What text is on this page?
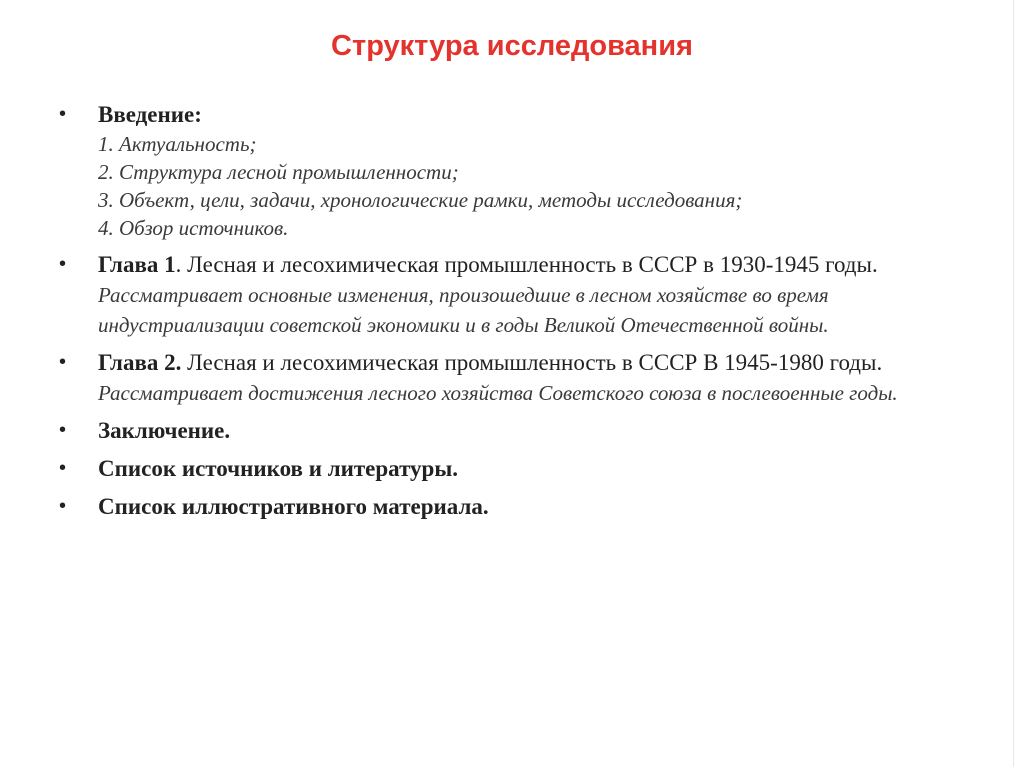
Структура исследования
• Введение:
1. Актуальность;
2. Структура лесной промышленности;
3. Объект, цели, задачи, хронологические рамки, методы исследования;
4. Обзор источников.
• Глава 1. Лесная и лесохимическая промышленность в СССР в 1930-1945 годы. Рассматривает основные изменения, произошедшие в лесном хозяйстве во время индустриализации советской экономики и в годы Великой Отечественной войны.
• Глава 2. Лесная и лесохимическая промышленность в СССР В 1945-1980 годы. Рассматривает достижения лесного хозяйства Советского союза в послевоенные годы.
• Заключение.
• Список источников и литературы.
• Список иллюстративного материала.
